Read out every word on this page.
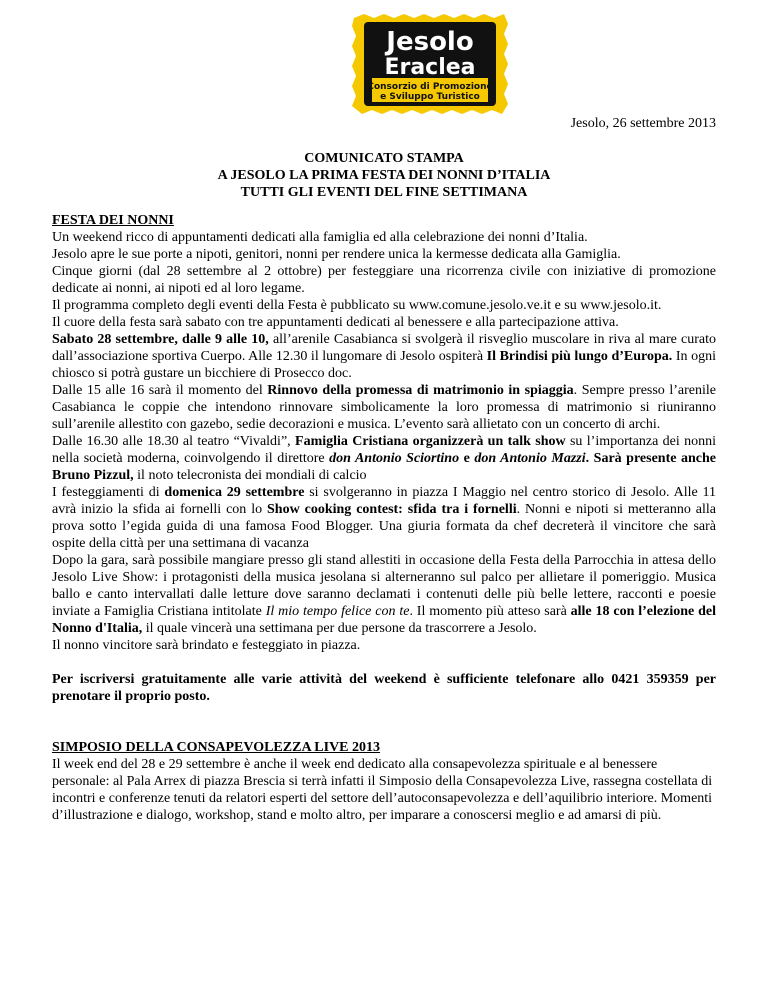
Jesolo
Eraclea
Consorzio di Promozione
e Sviluppo Turistico
Jesolo, 26 settembre 2013
COMUNICATO STAMPA
A JESOLO LA PRIMA FESTA DEI NONNI D’ITALIA
TUTTI GLI EVENTI DEL FINE SETTIMANA

FESTA DEI NONNI

Un weekend ricco di appuntamenti dedicati alla famiglia ed alla celebrazione dei nonni d’Italia.

Jesolo apre le sue porte a nipoti, genitori, nonni per rendere unica la kermesse dedicata alla Gamiglia.

Cinque giorni (dal 28 settembre al 2 ottobre) per festeggiare una ricorrenza civile con iniziative di promozione dedicate ai nonni, ai nipoti ed al loro legame.

Il programma completo degli eventi della Festa è pubblicato su www.comune.jesolo.ve.it e su www.jesolo.it.

Il cuore della festa sarà sabato con tre appuntamenti dedicati al benessere e alla partecipazione attiva.

Sabato 28 settembre, dalle 9 alle 10, all’arenile Casabianca si svolgerà il risveglio muscolare in riva al mare curato dall’associazione sportiva Cuerpo. Alle 12.30 il lungomare di Jesolo ospiterà Il Brindisi più lungo d’Europa. In ogni chiosco si potrà gustare un bicchiere di Prosecco doc.

Dalle 15 alle 16 sarà il momento del Rinnovo della promessa di matrimonio in spiaggia. Sempre presso l’arenile Casabianca le coppie che intendono rinnovare simbolicamente la loro promessa di matrimonio si riuniranno sull’arenile allestito con gazebo, sedie decorazioni e musica. L’evento sarà allietato con un concerto di archi.

Dalle 16.30 alle 18.30 al teatro “Vivaldi”, Famiglia Cristiana organizzerà un talk show su l’importanza dei nonni nella società moderna, coinvolgendo il direttore don Antonio Sciortino e don Antonio Mazzi. Sarà presente anche Bruno Pizzul, il noto telecronista dei mondiali di calcio

I festeggiamenti di domenica 29 settembre si svolgeranno in piazza I Maggio nel centro storico di Jesolo. Alle 11 avrà inizio la sfida ai fornelli con lo Show cooking contest: sfida tra i fornelli. Nonni e nipoti si metteranno alla prova sotto l’egida guida di una famosa Food Blogger. Una giuria formata da chef decreterà il vincitore che sarà ospite della città per una settimana di vacanza

Dopo la gara, sarà possibile mangiare presso gli stand allestiti in occasione della Festa della Parrocchia in attesa dello Jesolo Live Show: i protagonisti della musica jesolana si alterneranno sul palco per allietare il pomeriggio. Musica ballo e canto intervallati dalle letture dove saranno declamati i contenuti delle più belle lettere, racconti e poesie inviate a Famiglia Cristiana intitolate Il mio tempo felice con te. Il momento più atteso sarà alle 18 con l’elezione del Nonno d'Italia, il quale vincerà una settimana per due persone da trascorrere a Jesolo.

Il nonno vincitore sarà brindato e festeggiato in piazza.

Per iscriversi gratuitamente alle varie attività del weekend è sufficiente telefonare allo 0421 359359 per prenotare il proprio posto.

SIMPOSIO DELLA CONSAPEVOLEZZA LIVE 2013

Il week end del 28 e 29 settembre è anche il week end dedicato alla consapevolezza spirituale e al benessere personale: al Pala Arrex di piazza Brescia si terrà infatti il Simposio della Consapevolezza Live, rassegna costellata di incontri e conferenze tenuti da relatori esperti del settore dell’autoconsapevolezza e dell’aquilibrio interiore. Momenti d’illustrazione e dialogo, workshop, stand e molto altro, per imparare a conoscersi meglio e ad amarsi di più.
